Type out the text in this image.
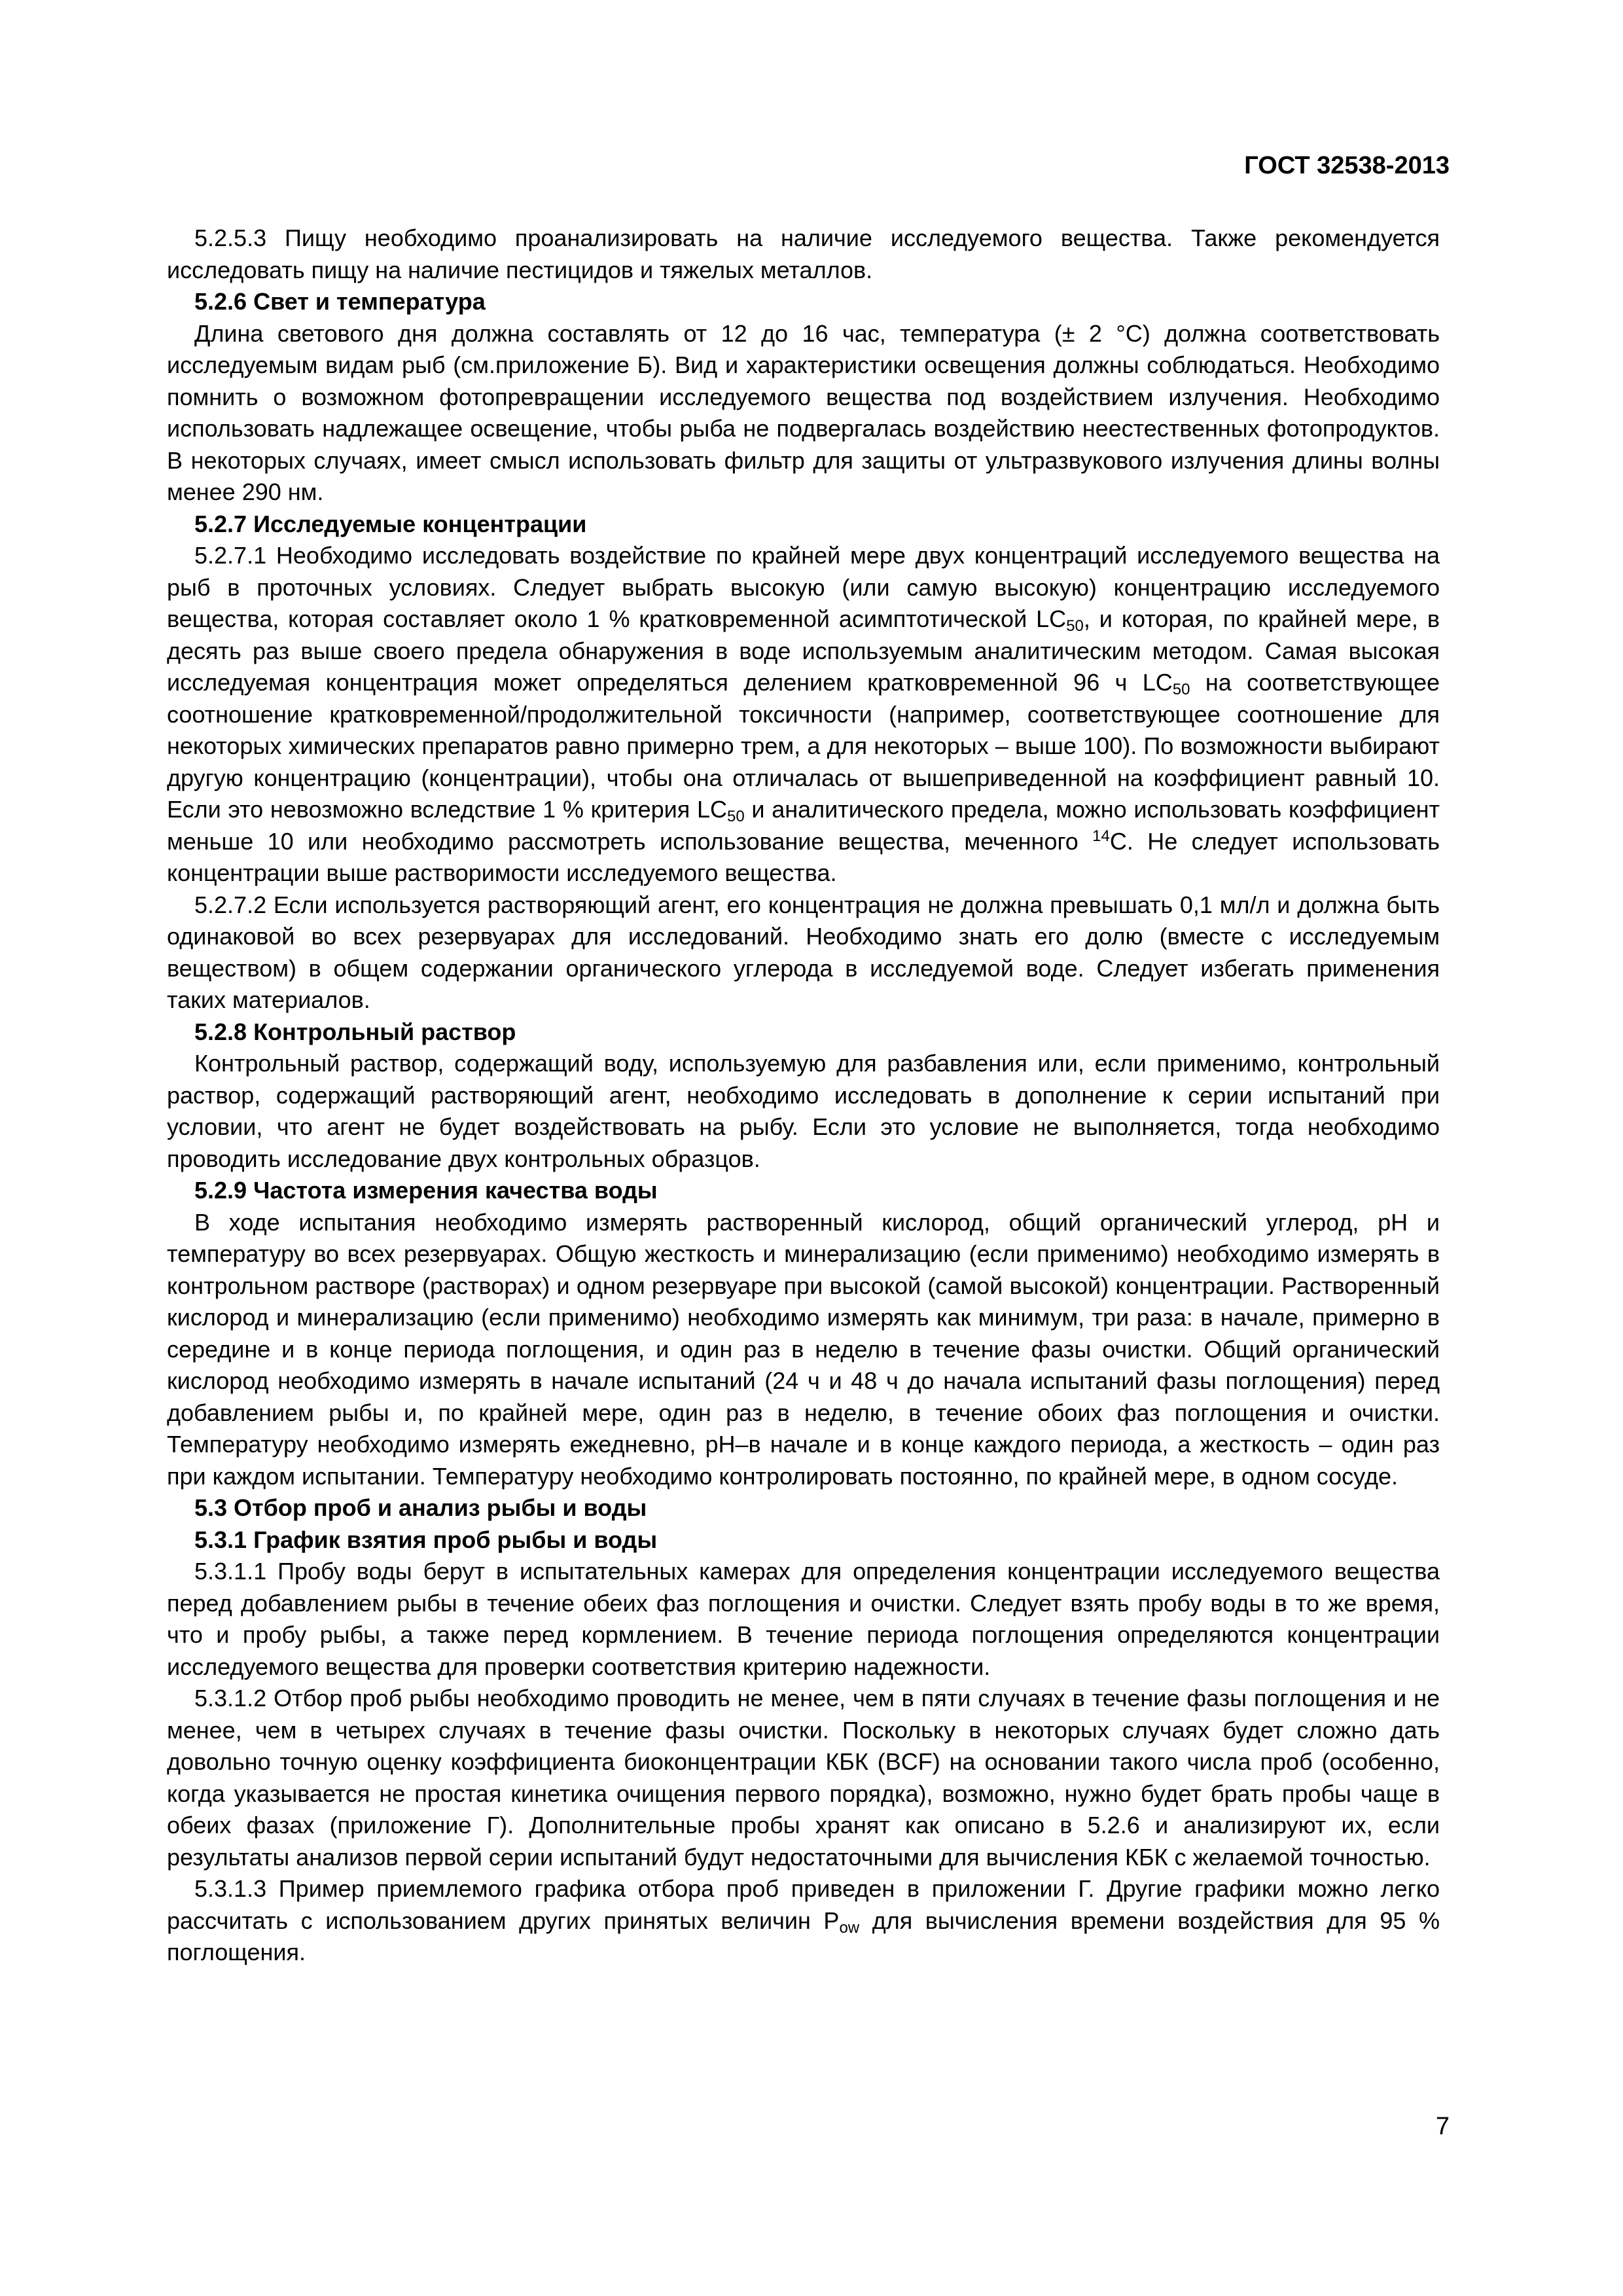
ГОСТ 32538-2013

5.2.5.3 Пищу необходимо проанализировать на наличие исследуемого вещества. Также рекомендуется исследовать пищу на наличие пестицидов и тяжелых металлов.

5.2.6 Свет и температура

Длина светового дня должна составлять от 12 до 16 час, температура (± 2 °С) должна соответствовать исследуемым видам рыб (см.приложение Б). Вид и характеристики освещения должны соблюдаться. Необходимо помнить о возможном фотопревращении исследуемого вещества под воздействием излучения. Необходимо использовать надлежащее освещение, чтобы рыба не подвергалась воздействию неестественных фотопродуктов. В некоторых случаях, имеет смысл использовать фильтр для защиты от ультразвукового излучения длины волны менее 290 нм.

5.2.7 Исследуемые концентрации

5.2.7.1 Необходимо исследовать воздействие по крайней мере двух концентраций исследуемого вещества на рыб в проточных условиях. Следует выбрать высокую (или самую высокую) концентрацию исследуемого вещества, которая составляет около 1 % кратковременной асимптотической $LC_{50}$, и которая, по крайней мере, в десять раз выше своего предела обнаружения в воде используемым аналитическим методом. Самая высокая исследуемая концентрация может определяться делением кратковременной 96 ч $LC_{50}$ на соответствующее соотношение кратковременной/продолжительной токсичности (например, соответствующее соотношение для некоторых химических препаратов равно примерно трем, а для некоторых – выше 100). По возможности выбирают другую концентрацию (концентрации), чтобы она отличалась от вышеприведенной на коэффициент равный 10. Если это невозможно вследствие 1 % критерия $LC_{50}$ и аналитического предела, можно использовать коэффициент меньше 10 или необходимо рассмотреть использование вещества, меченного $^{14}$C. Не следует использовать концентрации выше растворимости исследуемого вещества.

5.2.7.2 Если используется растворяющий агент, его концентрация не должна превышать 0,1 мл/л и должна быть одинаковой во всех резервуарах для исследований. Необходимо знать его долю (вместе с исследуемым веществом) в общем содержании органического углерода в исследуемой воде. Следует избегать применения таких материалов.

5.2.8 Контрольный раствор

Контрольный раствор, содержащий воду, используемую для разбавления или, если применимо, контрольный раствор, содержащий растворяющий агент, необходимо исследовать в дополнение к серии испытаний при условии, что агент не будет воздействовать на рыбу. Если это условие не выполняется, тогда необходимо проводить исследование двух контрольных образцов.

5.2.9 Частота измерения качества воды

В ходе испытания необходимо измерять растворенный кислород, общий органический углерод, рН и температуру во всех резервуарах. Общую жесткость и минерализацию (если применимо) необходимо измерять в контрольном растворе (растворах) и одном резервуаре при высокой (самой высокой) концентрации. Растворенный кислород и минерализацию (если применимо) необходимо измерять как минимум, три раза: в начале, примерно в середине и в конце периода поглощения, и один раз в неделю в течение фазы очистки. Общий органический кислород необходимо измерять в начале испытаний (24 ч и 48 ч до начала испытаний фазы поглощения) перед добавлением рыбы и, по крайней мере, один раз в неделю, в течение обоих фаз поглощения и очистки. Температуру необходимо измерять ежедневно, рН–в начале и в конце каждого периода, а жесткость – один раз при каждом испытании. Температуру необходимо контролировать постоянно, по крайней мере, в одном сосуде.

5.3 Отбор проб и анализ рыбы и воды

5.3.1 График взятия проб рыбы и воды

5.3.1.1 Пробу воды берут в испытательных камерах для определения концентрации исследуемого вещества перед добавлением рыбы в течение обеих фаз поглощения и очистки. Следует взять пробу воды в то же время, что и пробу рыбы, а также перед кормлением. В течение периода поглощения определяются концентрации исследуемого вещества для проверки соответствия критерию надежности.

5.3.1.2 Отбор проб рыбы необходимо проводить не менее, чем в пяти случаях в течение фазы поглощения и не менее, чем в четырех случаях в течение фазы очистки. Поскольку в некоторых случаях будет сложно дать довольно точную оценку коэффициента биоконцентрации КБК (BCF) на основании такого числа проб (особенно, когда указывается не простая кинетика очищения первого порядка), возможно, нужно будет брать пробы чаще в обеих фазах (приложение Г). Дополнительные пробы хранят как описано в 5.2.6 и анализируют их, если результаты анализов первой серии испытаний будут недостаточными для вычисления КБК с желаемой точностью.

5.3.1.3 Пример приемлемого графика отбора проб приведен в приложении Г. Другие графики можно легко рассчитать с использованием других принятых величин $P_{ow}$ для вычисления времени воздействия для 95 % поглощения.

7
